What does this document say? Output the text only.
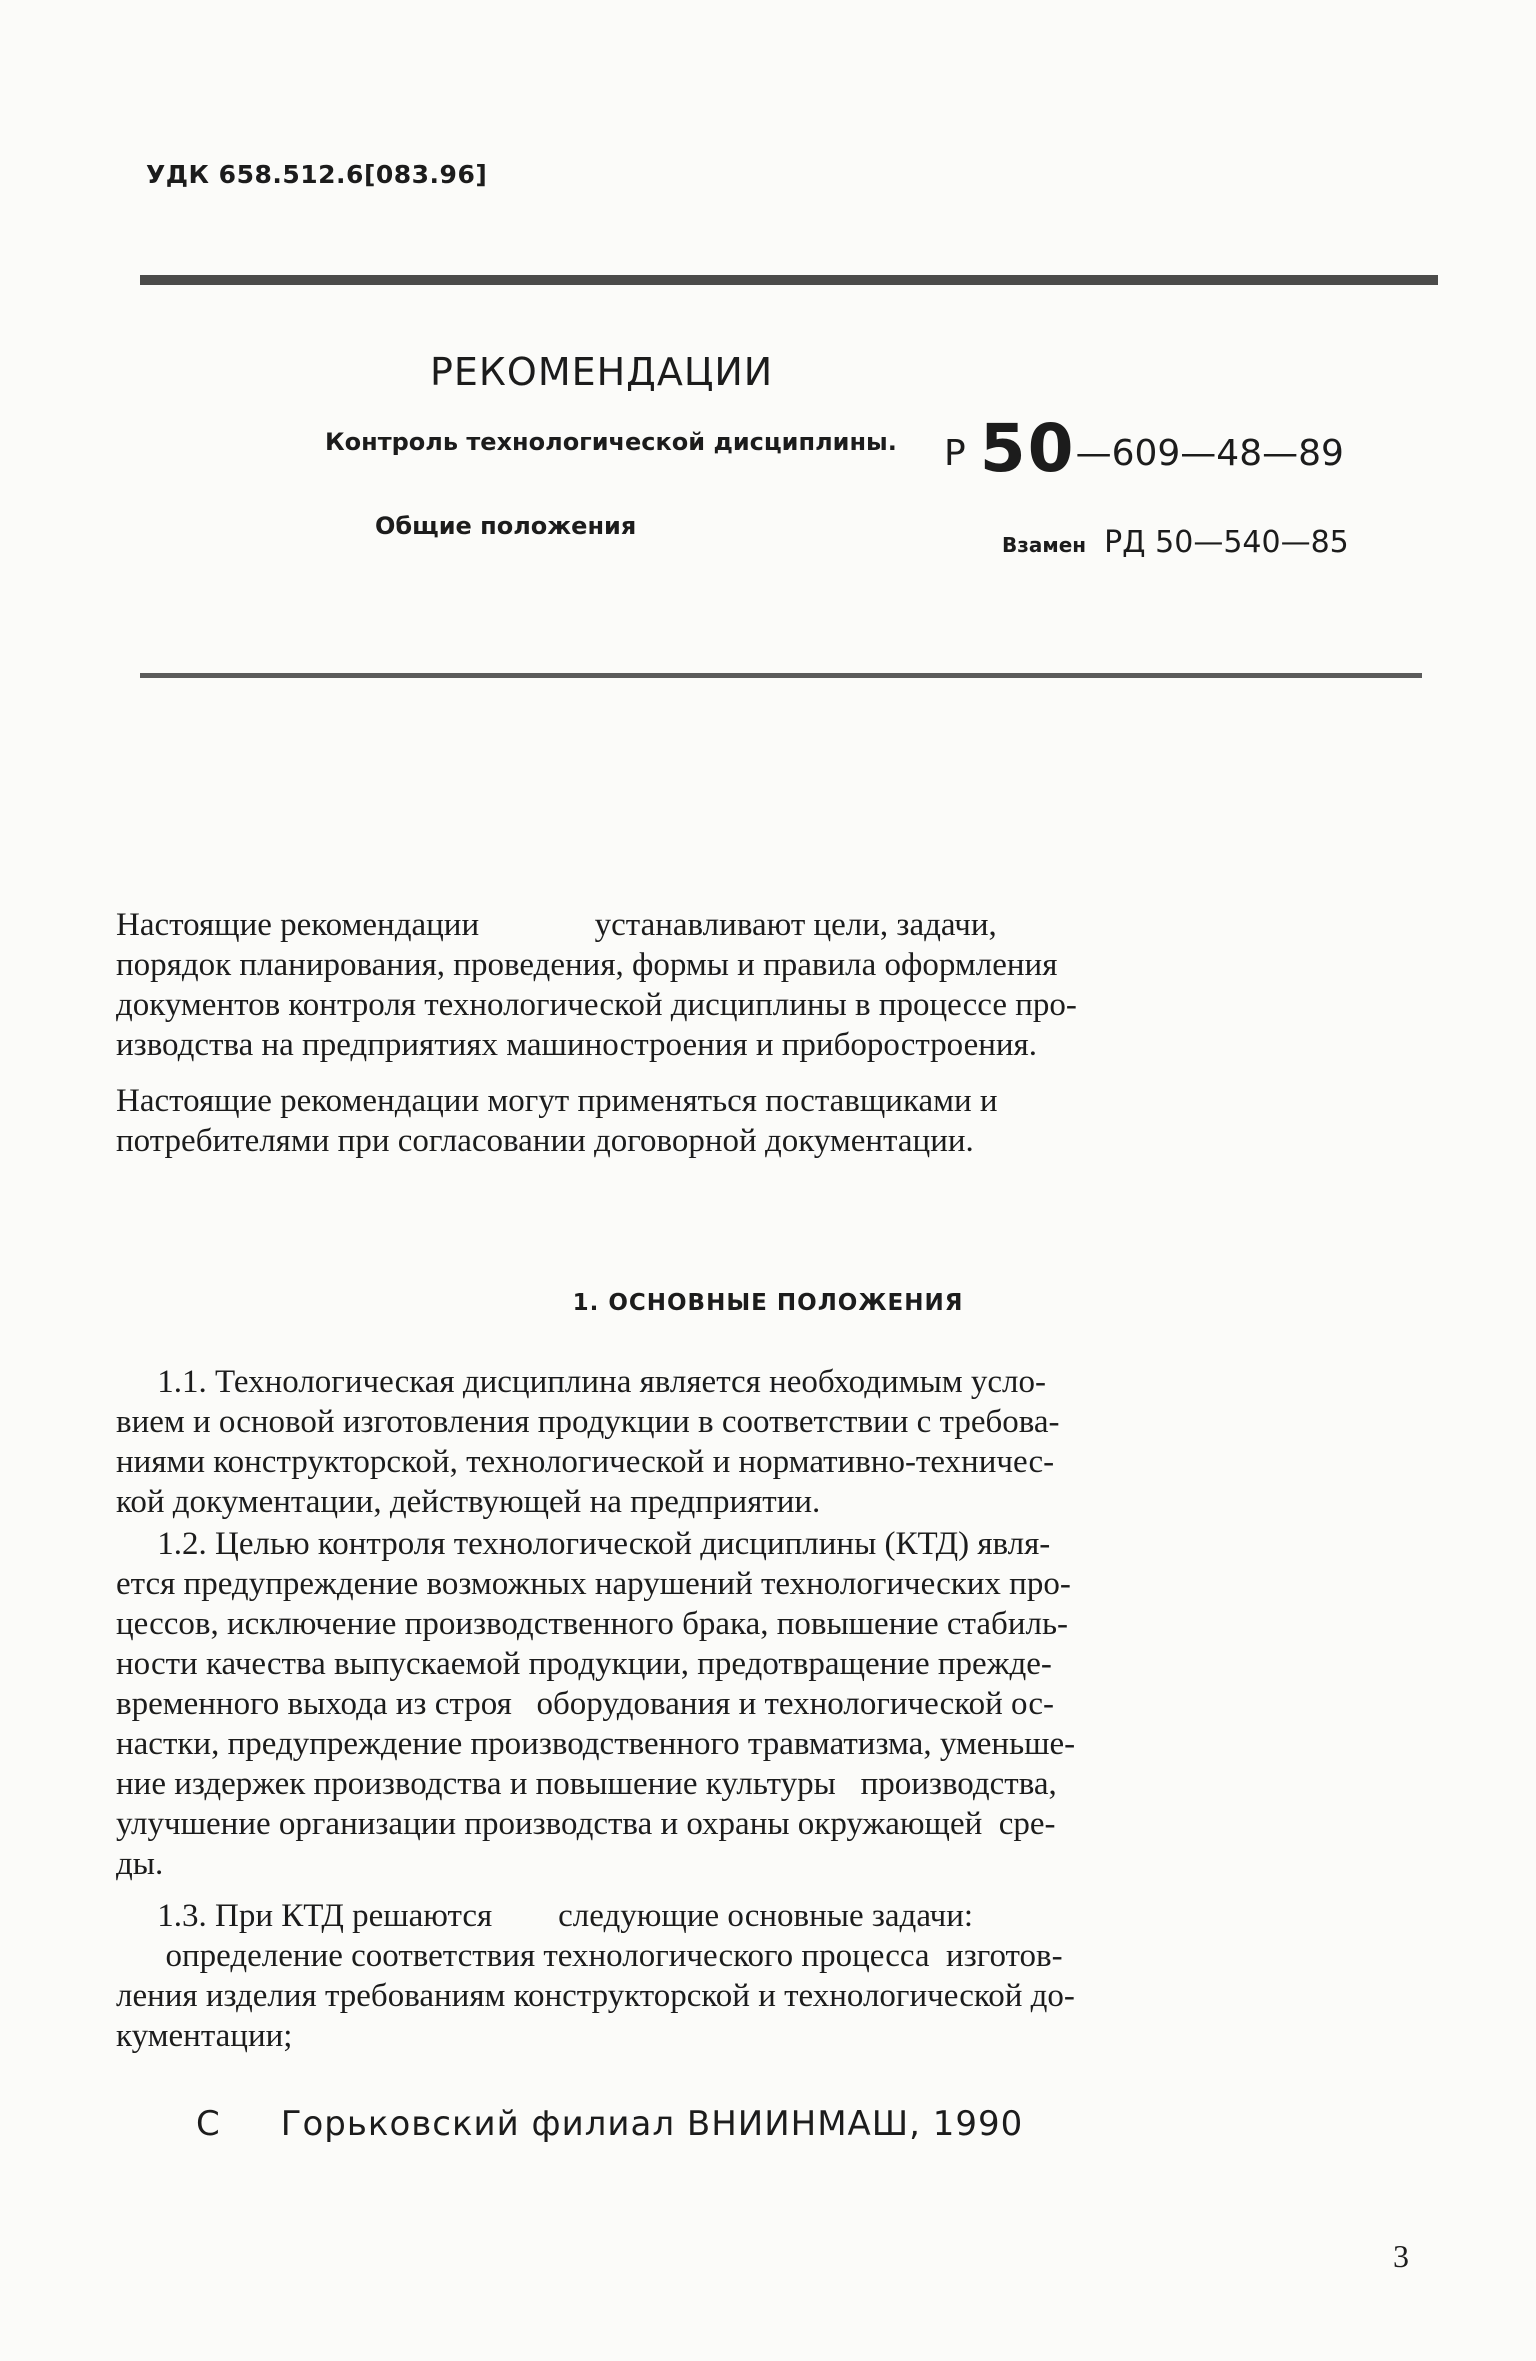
УДК 658.512.6[083.96]

РЕКОМЕНДАЦИИ

Контроль технологической дисциплины.

Общие положения

Р 50—609—48—89
Взамен РД 50—540—85

Настоящие рекомендации              устанавливают цели, задачи,
порядок планирования, проведения, формы и правила оформления
документов контроля технологической дисциплины в процессе про-
изводства на предприятиях машиностроения и приборостроения.

Настоящие рекомендации могут применяться поставщиками и
потребителями при согласовании договорной документации.

1. ОСНОВНЫЕ ПОЛОЖЕНИЯ

1.1. Технологическая дисциплина является необходимым усло-
вием и основой изготовления продукции в соответствии с требова-
ниями конструкторской, технологической и нормативно-техничес-
кой документации, действующей на предприятии.

1.2. Целью контроля технологической дисциплины (КТД) явля-
ется предупреждение возможных нарушений технологических про-
цессов, исключение производственного брака, повышение стабиль-
ности качества выпускаемой продукции, предотвращение прежде-
временного выхода из строя   оборудования и технологической ос-
настки, предупреждение производственного травматизма, уменьше-
ние издержек производства и повышение культуры   производства,
улучшение организации производства и охраны окружающей  сре-
ды.

1.3. При КТД решаются        следующие основные задачи:
определение соответствия технологического процесса  изготов-
ления изделия требованиям конструкторской и технологической до-
кументации;

С Горьковский филиал ВНИИНМАШ, 1990

3
